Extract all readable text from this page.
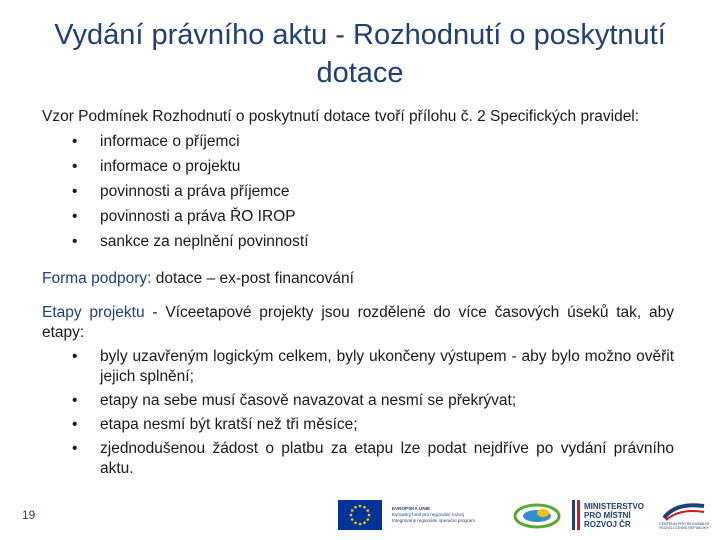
Vydání právního aktu - Rozhodnutí o poskytnutí dotace
Vzor Podmínek Rozhodnutí o poskytnutí dotace tvoří přílohu č. 2 Specifických pravidel:
• informace o příjemci
• informace o projektu
• povinnosti a práva příjemce
• povinnosti a práva ŘO IROP
• sankce za neplnění povinností
Forma podpory: dotace – ex-post financování
Etapy projektu - Víceetapové projekty jsou rozdělené do více časových úseků tak, aby etapy:
• byly uzavřeným logickým celkem, byly ukončeny výstupem - aby bylo možno ověřit jejich splnění;
• etapy na sebe musí časově navazovat a nesmí se překrývat;
• etapa nesmí být kratší než tři měsíce;
• zjednodušenou žádost o platbu za etapu lze podat nejdříve po vydání právního aktu.
19	EVROPSKÁ UNIE
Evropský fond pro regionální rozvoj
Integrovaný regionální operační program
MINISTERSTVO
PRO MÍSTNÍ
ROZVOJ ČR	CENTRUM PRO REGIONÁLNÍ ROZVOJ ČESKÉ REPUBLIKY
